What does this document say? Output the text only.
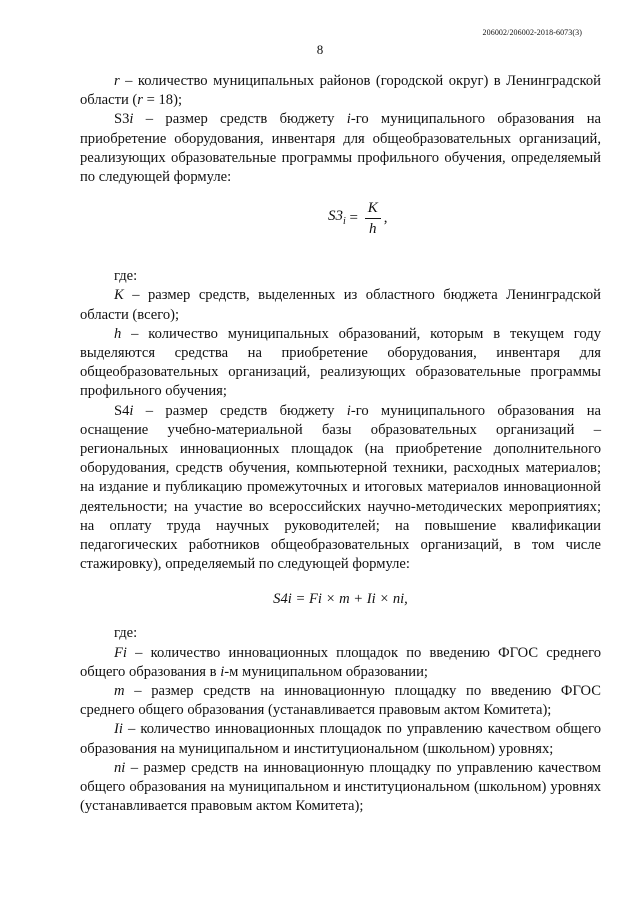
206002/206002-2018-6073(3)
8

r – количество муниципальных районов (городской округ) в Ленинградской области (r = 18);

S3i – размер средств бюджету i-го муниципального образования на приобретение оборудования, инвентаря для общеобразовательных организаций, реализующих образовательные программы профильного обучения, определяемый по следующей формуле:

$S3_i = \frac{K}{h}$ ,

где:

K – размер средств, выделенных из областного бюджета Ленинградской области (всего);

h – количество муниципальных образований, которым в текущем году выделяются средства на приобретение оборудования, инвентаря для общеобразовательных организаций, реализующих образовательные программы профильного обучения;

S4i – размер средств бюджету i-го муниципального образования на оснащение учебно-материальной базы образовательных организаций – региональных инновационных площадок (на приобретение дополнительного оборудования, средств обучения, компьютерной техники, расходных материалов; на издание и публикацию промежуточных и итоговых материалов инновационной деятельности; на участие во всероссийских научно-методических мероприятиях; на оплату труда научных руководителей; на повышение квалификации педагогических работников общеобразовательных организаций, в том числе стажировку), определяемый по следующей формуле:

S4i = Fi × m + Ii × ni,

где:

Fi – количество инновационных площадок по введению ФГОС среднего общего образования в i-м муниципальном образовании;

m – размер средств на инновационную площадку по введению ФГОС среднего общего образования (устанавливается правовым актом Комитета);

Ii – количество инновационных площадок по управлению качеством общего образования на муниципальном и институциональном (школьном) уровнях;

ni – размер средств на инновационную площадку по управлению качеством общего образования на муниципальном и институциональном (школьном) уровнях (устанавливается правовым актом Комитета);
